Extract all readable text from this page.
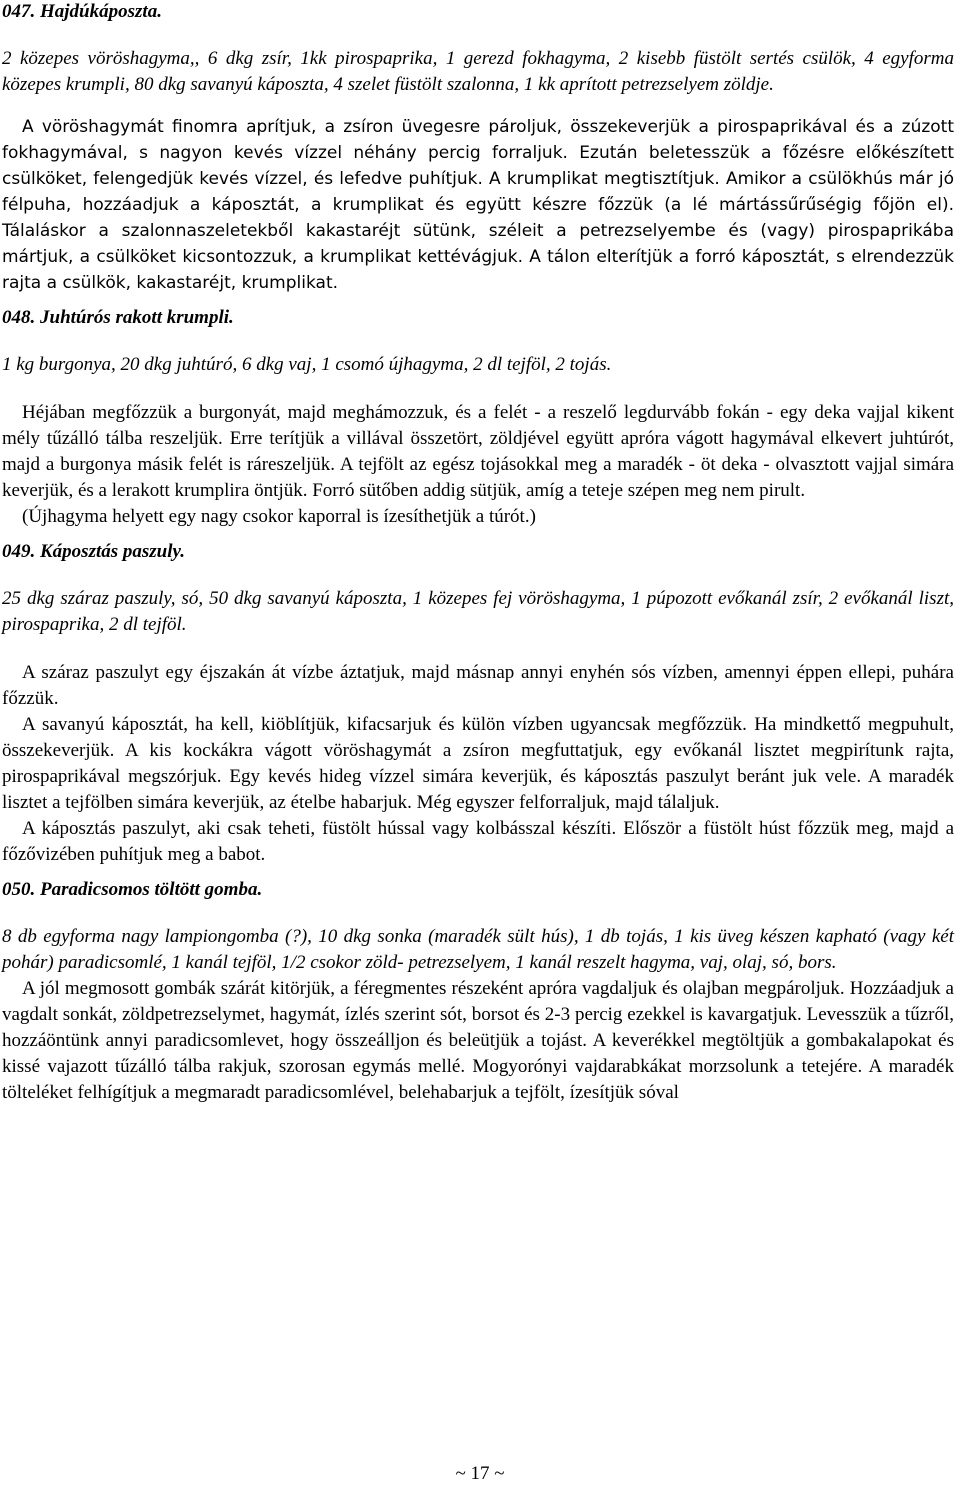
047. Hajdúkáposzta.

2 közepes vöröshagyma,, 6 dkg zsír, 1kk pirospaprika, 1 gerezd fokhagyma, 2 kisebb füstölt sertés csülök, 4 egyforma közepes krumpli, 80 dkg savanyú káposzta, 4 szelet füstölt szalonna, 1 kk aprított petrezselyem zöldje.

A vöröshagymát finomra aprítjuk, a zsíron üvegesre pároljuk, összekeverjük a pirospaprikával és a zúzott fokhagymával, s nagyon kevés vízzel néhány percig forraljuk. Ezután beletesszük a főzésre előkészített csülköket, felengedjük kevés vízzel, és lefedve puhítjuk. A krumplikat megtisztítjuk. Amikor a csülökhús már jó félpuha, hozzáadjuk a káposztát, a krumplikat és együtt készre főzzük (a lé mártássűrűségig főjön el). Tálaláskor a szalonnaszeletekből kakastaréjt sütünk, széleit a petrezselyembe és (vagy) pirospaprikába mártjuk, a csülköket kicsontozzuk, a krumplikat kettévágjuk. A tálon elterítjük a forró káposztát, s elrendezzük rajta a csülkök, kakastaréjt, krumplikat.

048. Juhtúrós rakott krumpli.

1 kg burgonya, 20 dkg juhtúró, 6 dkg vaj, 1 csomó újhagyma, 2 dl tejföl, 2 tojás.

Héjában megfőzzük a burgonyát, majd meghámozzuk, és a felét - a reszelő legdurvább fokán - egy deka vajjal kikent mély tűzálló tálba reszeljük. Erre terítjük a villával összetört, zöldjével együtt apróra vágott hagymával elkevert juhtúrót, majd a burgonya másik felét is ráreszeljük. A tejfölt az egész tojásokkal meg a maradék - öt deka - olvasztott vajjal simára keverjük, és a lerakott krumplira öntjük. Forró sütőben addig sütjük, amíg a teteje szépen meg nem pirult.

(Újhagyma helyett egy nagy csokor kaporral is ízesíthetjük a túrót.)

049. Káposztás paszuly.

25 dkg száraz paszuly, só, 50 dkg savanyú káposzta, 1 közepes fej vöröshagyma, 1 púpozott evőkanál zsír, 2 evőkanál liszt, pirospaprika, 2 dl tejföl.

A száraz paszulyt egy éjszakán át vízbe áztatjuk, majd másnap annyi enyhén sós vízben, amennyi éppen ellepi, puhára főzzük.

A savanyú káposztát, ha kell, kiöblítjük, kifacsarjuk és külön vízben ugyancsak megfőzzük. Ha mindkettő megpuhult, összekeverjük. A kis kockákra vágott vöröshagymát a zsíron megfuttatjuk, egy evőkanál lisztet megpirítunk rajta, pirospaprikával megszórjuk. Egy kevés hideg vízzel simára keverjük, és káposztás paszulyt beránt juk vele. A maradék lisztet a tejfölben simára keverjük, az ételbe habarjuk. Még egyszer felforraljuk, majd tálaljuk.

A káposztás paszulyt, aki csak teheti, füstölt hússal vagy kolbásszal készíti. Először a füstölt húst főzzük meg, majd a főzővizében puhítjuk meg a babot.

050. Paradicsomos töltött gomba.

8 db egyforma nagy lampiongomba (?), 10 dkg sonka (maradék sült hús), 1 db tojás, 1 kis üveg készen kapható (vagy két pohár) paradicsomlé, 1 kanál tejföl, 1/2 csokor zöld- petrezselyem, 1 kanál reszelt hagyma, vaj, olaj, só, bors.

A jól megmosott gombák szárát kitörjük, a féregmentes részeként apróra vagdaljuk és olajban megpároljuk. Hozzáadjuk a vagdalt sonkát, zöldpetrezselymet, hagymát, ízlés szerint sót, borsot és 2-3 percig ezekkel is kavargatjuk. Levesszük a tűzről, hozzáöntünk annyi paradicsomlevet, hogy összeálljon és beleütjük a tojást. A keverékkel megtöltjük a gombakalapokat és kissé vajazott tűzálló tálba rakjuk, szorosan egymás mellé. Mogyorónyi vajdarabkákat morzsolunk a tetejére. A maradék tölteléket felhígítjuk a megmaradt paradicsomlével, belehabarjuk a tejfölt, ízesítjük sóval

~ 17 ~
